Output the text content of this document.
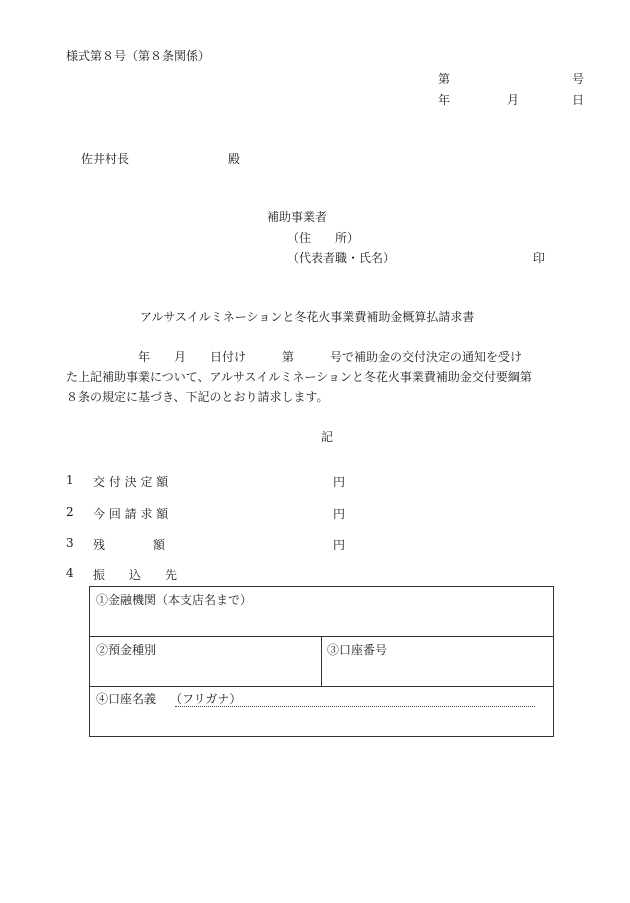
様式第８号（第８条関係）
第	号
年	月	日
佐井村長	殿
補助事業者
（住　　所）
（代表者職・氏名）	印
アルサスイルミネーションと冬花火事業費補助金概算払請求書
　　　　　　年　　月　　日付け　　　第　　　号で補助金の交付決定の通知を受け
た上記補助事業について、アルサスイルミネーションと冬花火事業費補助金交付要綱第
８条の規定に基づき、下記のとおり請求します。
記
1 交 付 決 定 額	円
2 今 回 請 求 額	円
3 残　　　　額	円
4 振　　込　　先
①金融機関（本支店名まで）
②預金種別	③口座番号
④口座名義 （フリガナ）
